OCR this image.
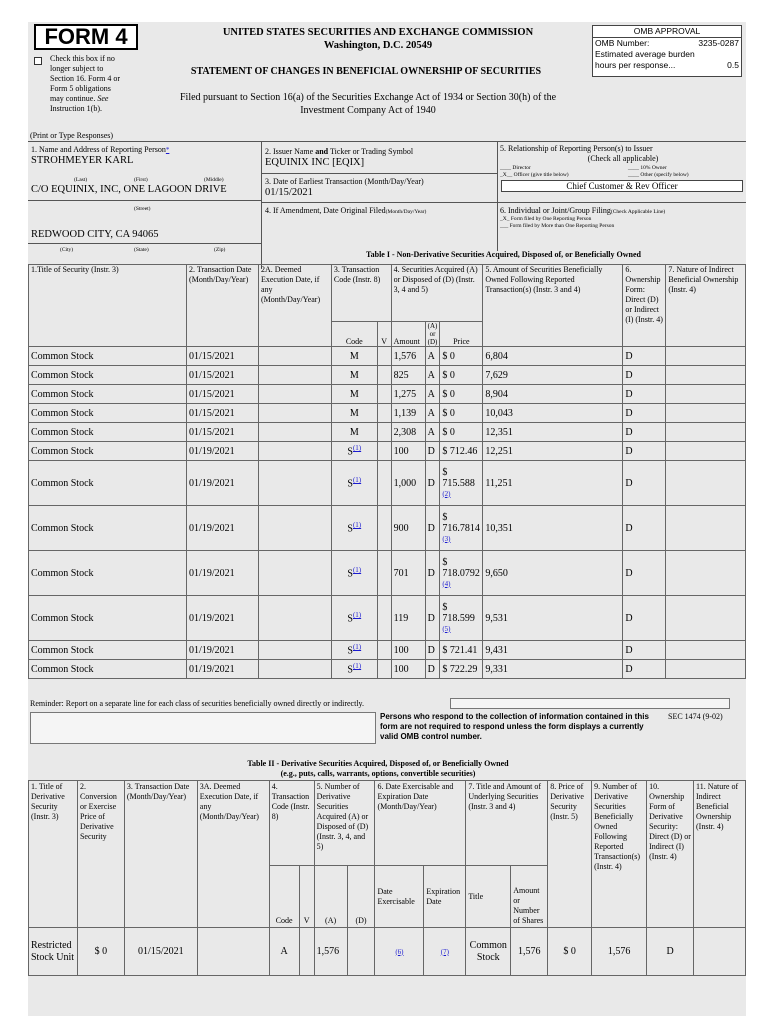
FORM 4
Check this box if no
longer subject to
Section 16. Form 4 or
Form 5 obligations
may continue. See
Instruction 1(b).
UNITED STATES SECURITIES AND EXCHANGE COMMISSION
Washington, D.C. 20549
STATEMENT OF CHANGES IN BENEFICIAL OWNERSHIP OF SECURITIES
Filed pursuant to Section 16(a) of the Securities Exchange Act of 1934 or Section 30(h) of the
Investment Company Act of 1940
OMB APPROVAL
OMB Number:	3235-0287
Estimated average burden
hours per response...	0.5
(Print or Type Responses)
1. Name and Address of Reporting Person*
STROHMEYER KARL
(Last)	(First)	(Middle)
C/O EQUINIX, INC, ONE LAGOON DRIVE
(Street)
REDWOOD CITY, CA 94065
(City)	(State)	(Zip)
2. Issuer Name and Ticker or Trading Symbol
EQUINIX INC [EQIX]
3. Date of Earliest Transaction (Month/Day/Year)
01/15/2021
4. If Amendment, Date Original Filed(Month/Day/Year)
5. Relationship of Reporting Person(s) to Issuer
(Check all applicable)
____ Director	____ 10% Owner
_X__ Officer (give title below)	____ Other (specify below)
Chief Customer & Rev Officer
6. Individual or Joint/Group Filing(Check Applicable Line)
_X_ Form filed by One Reporting Person
___ Form filed by More than One Reporting Person
Table I - Non-Derivative Securities Acquired, Disposed of, or Beneficially Owned
1.Title of Security (Instr. 3)	2. Transaction Date (Month/Day/Year)	2A. Deemed Execution Date, if any (Month/Day/Year)	3. Transaction Code (Instr. 8)		4. Securities Acquired (A) or Disposed of (D) (Instr. 3, 4 and 5)			5. Amount of Securities Beneficially Owned Following Reported Transaction(s) (Instr. 3 and 4)	6. Ownership Form: Direct (D) or Indirect (I) (Instr. 4)	7. Nature of Indirect Beneficial Ownership (Instr. 4)
			Code	V	Amount	(A) or (D)	Price			
Common Stock	01/15/2021		M		1,576	A	$ 0	6,804	D	
Common Stock	01/15/2021		M		825	A	$ 0	7,629	D	
Common Stock	01/15/2021		M		1,275	A	$ 0	8,904	D	
Common Stock	01/15/2021		M		1,139	A	$ 0	10,043	D	
Common Stock	01/15/2021		M		2,308	A	$ 0	12,351	D	
Common Stock	01/19/2021		S$^{(1)}$		100	D	$ 712.46	12,251	D	
Common Stock	01/19/2021		S$^{(1)}$		1,000	D	$
715.588
(2)	11,251	D	
Common Stock	01/19/2021		S$^{(1)}$		900	D	$
716.7814
(3)	10,351	D	
Common Stock	01/19/2021		S$^{(1)}$		701	D	$
718.0792
(4)	9,650	D	
Common Stock	01/19/2021		S$^{(1)}$		119	D	$
718.599
(5)	9,531	D	
Common Stock	01/19/2021		S$^{(1)}$		100	D	$ 721.41	9,431	D	
Common Stock	01/19/2021		S$^{(1)}$		100	D	$ 722.29	9,331	D	
Reminder: Report on a separate line for each class of securities beneficially owned directly or indirectly.
Persons who respond to the collection of information contained in this form are not required to respond unless the form displays a currently valid OMB control number.
SEC 1474 (9-02)
Table II - Derivative Securities Acquired, Disposed of, or Beneficially Owned
(e.g., puts, calls, warrants, options, convertible securities)
1. Title of Derivative Security (Instr. 3)	2. Conversion or Exercise Price of Derivative Security	3. Transaction Date (Month/Day/Year)	3A. Deemed Execution Date, if any (Month/Day/Year)	4. Transaction Code (Instr. 8)		5. Number of Derivative Securities Acquired (A) or Disposed of (D) (Instr. 3, 4, and 5)		6. Date Exercisable and Expiration Date (Month/Day/Year)		7. Title and Amount of Underlying Securities (Instr. 3 and 4)		8. Price of Derivative Security (Instr. 5)	9. Number of Derivative Securities Beneficially Owned Following Reported Transaction(s) (Instr. 4)	10. Ownership Form of Derivative Security: Direct (D) or Indirect (I) (Instr. 4)	11. Nature of Indirect Beneficial Ownership (Instr. 4)
				Code	V	(A)	(D)	Date Exercisable	Expiration Date	Title	Amount or Number of Shares				
Restricted Stock Unit	$ 0	01/15/2021		A		1,576		(6)	(7)	Common Stock	1,576	$ 0	1,576	D	
